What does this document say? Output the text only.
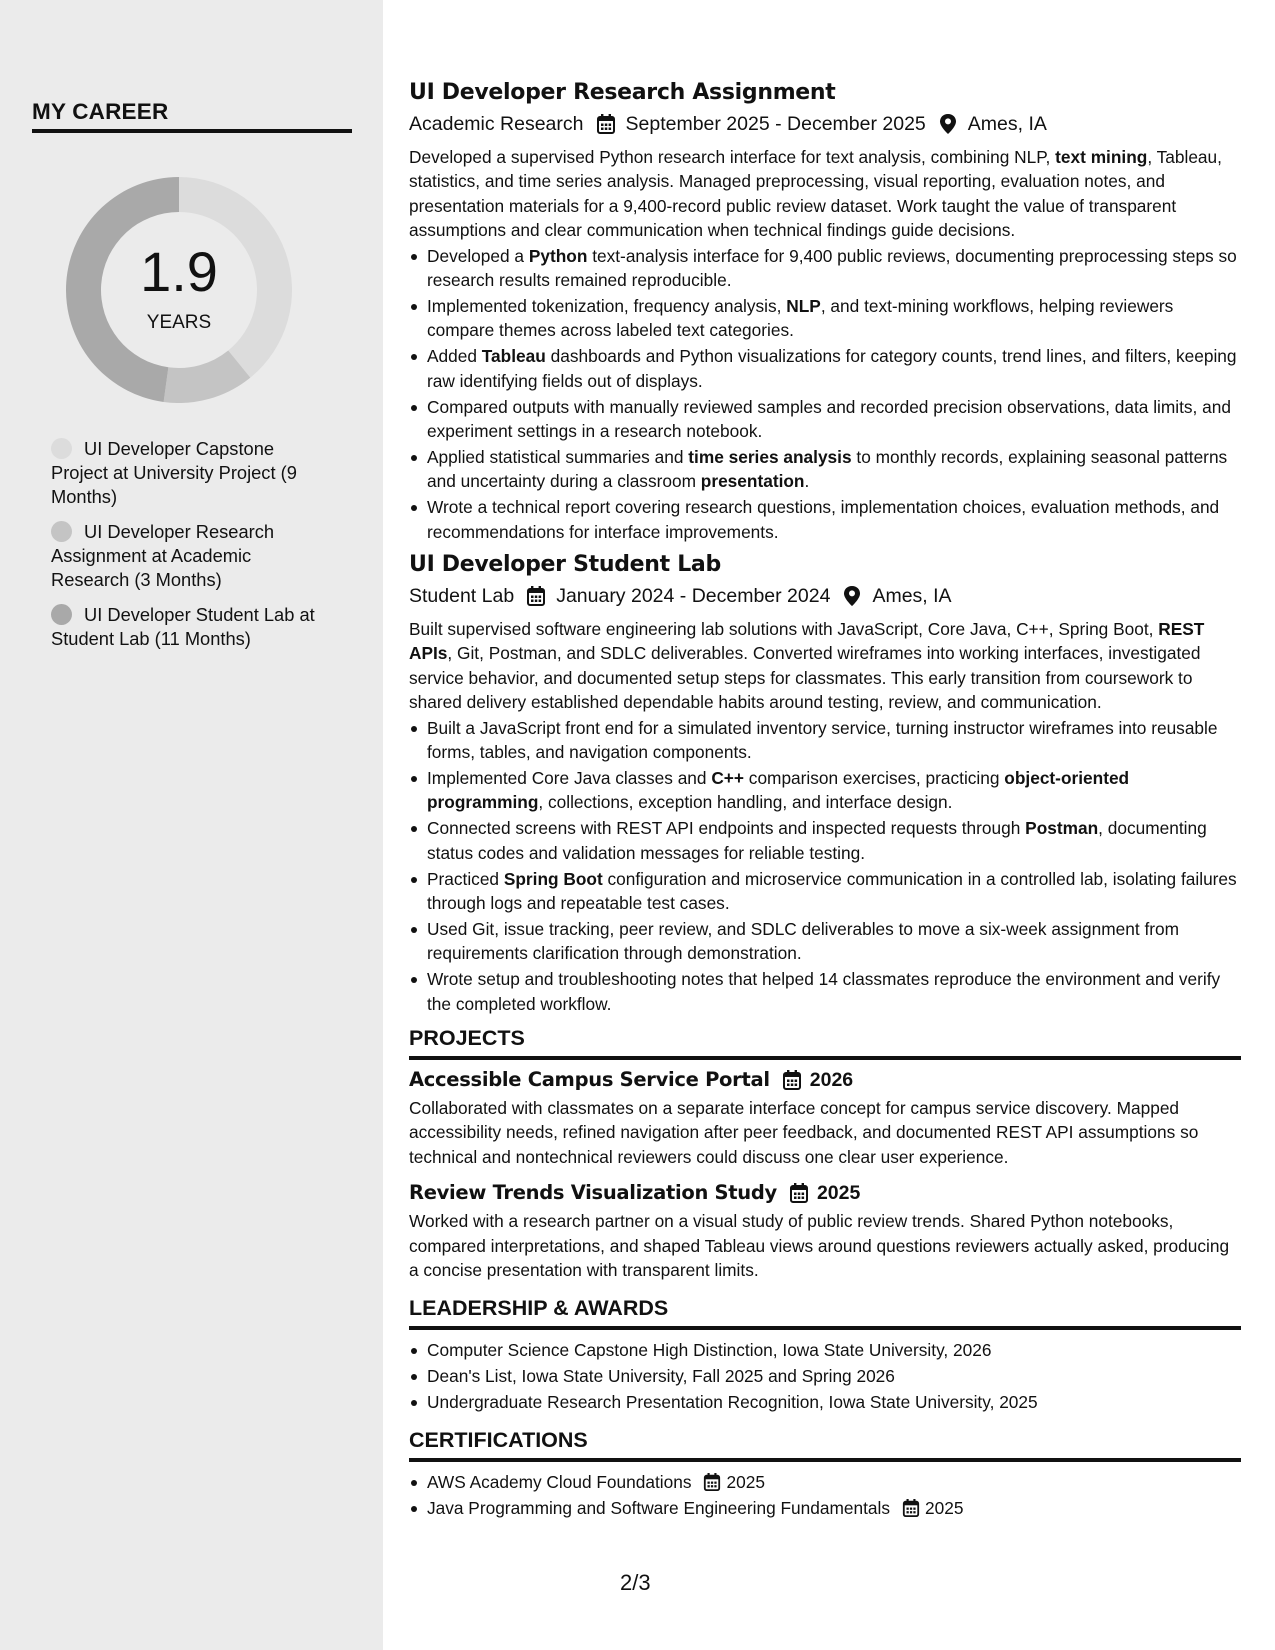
MY CAREER
1.9
YEARS
UI Developer Capstone Project at University Project (9 Months)
UI Developer Research Assignment at Academic Research (3 Months)
UI Developer Student Lab at Student Lab (11 Months)
UI Developer Research Assignment
Academic Research September 2025 - December 2025 Ames, IA

Developed a supervised Python research interface for text analysis, combining NLP, text mining, Tableau, statistics, and time series analysis. Managed preprocessing, visual reporting, evaluation notes, and presentation materials for a 9,400-record public review dataset. Work taught the value of transparent assumptions and clear communication when technical findings guide decisions.

Developed a Python text-analysis interface for 9,400 public reviews, documenting preprocessing steps so research results remained reproducible.
Implemented tokenization, frequency analysis, NLP, and text-mining workflows, helping reviewers compare themes across labeled text categories.
Added Tableau dashboards and Python visualizations for category counts, trend lines, and filters, keeping raw identifying fields out of displays.
Compared outputs with manually reviewed samples and recorded precision observations, data limits, and experiment settings in a research notebook.
Applied statistical summaries and time series analysis to monthly records, explaining seasonal patterns and uncertainty during a classroom presentation.
Wrote a technical report covering research questions, implementation choices, evaluation methods, and recommendations for interface improvements.
UI Developer Student Lab
Student Lab January 2024 - December 2024 Ames, IA

Built supervised software engineering lab solutions with JavaScript, Core Java, C++, Spring Boot, REST APIs, Git, Postman, and SDLC deliverables. Converted wireframes into working interfaces, investigated service behavior, and documented setup steps for classmates. This early transition from coursework to shared delivery established dependable habits around testing, review, and communication.

Built a JavaScript front end for a simulated inventory service, turning instructor wireframes into reusable forms, tables, and navigation components.
Implemented Core Java classes and C++ comparison exercises, practicing object-oriented programming, collections, exception handling, and interface design.
Connected screens with REST API endpoints and inspected requests through Postman, documenting status codes and validation messages for reliable testing.
Practiced Spring Boot configuration and microservice communication in a controlled lab, isolating failures through logs and repeatable test cases.
Used Git, issue tracking, peer review, and SDLC deliverables to move a six-week assignment from requirements clarification through demonstration.
Wrote setup and troubleshooting notes that helped 14 classmates reproduce the environment and verify the completed workflow.
PROJECTS
Accessible Campus Service Portal 2026

Collaborated with classmates on a separate interface concept for campus service discovery. Mapped accessibility needs, refined navigation after peer feedback, and documented REST API assumptions so technical and nontechnical reviewers could discuss one clear user experience.

Review Trends Visualization Study 2025

Worked with a research partner on a visual study of public review trends. Shared Python notebooks, compared interpretations, and shaped Tableau views around questions reviewers actually asked, producing a concise presentation with transparent limits.

LEADERSHIP & AWARDS
Computer Science Capstone High Distinction, Iowa State University, 2026
Dean's List, Iowa State University, Fall 2025 and Spring 2026
Undergraduate Research Presentation Recognition, Iowa State University, 2025
CERTIFICATIONS
AWS Academy Cloud Foundations 2025
Java Programming and Software Engineering Fundamentals 2025
2/3
